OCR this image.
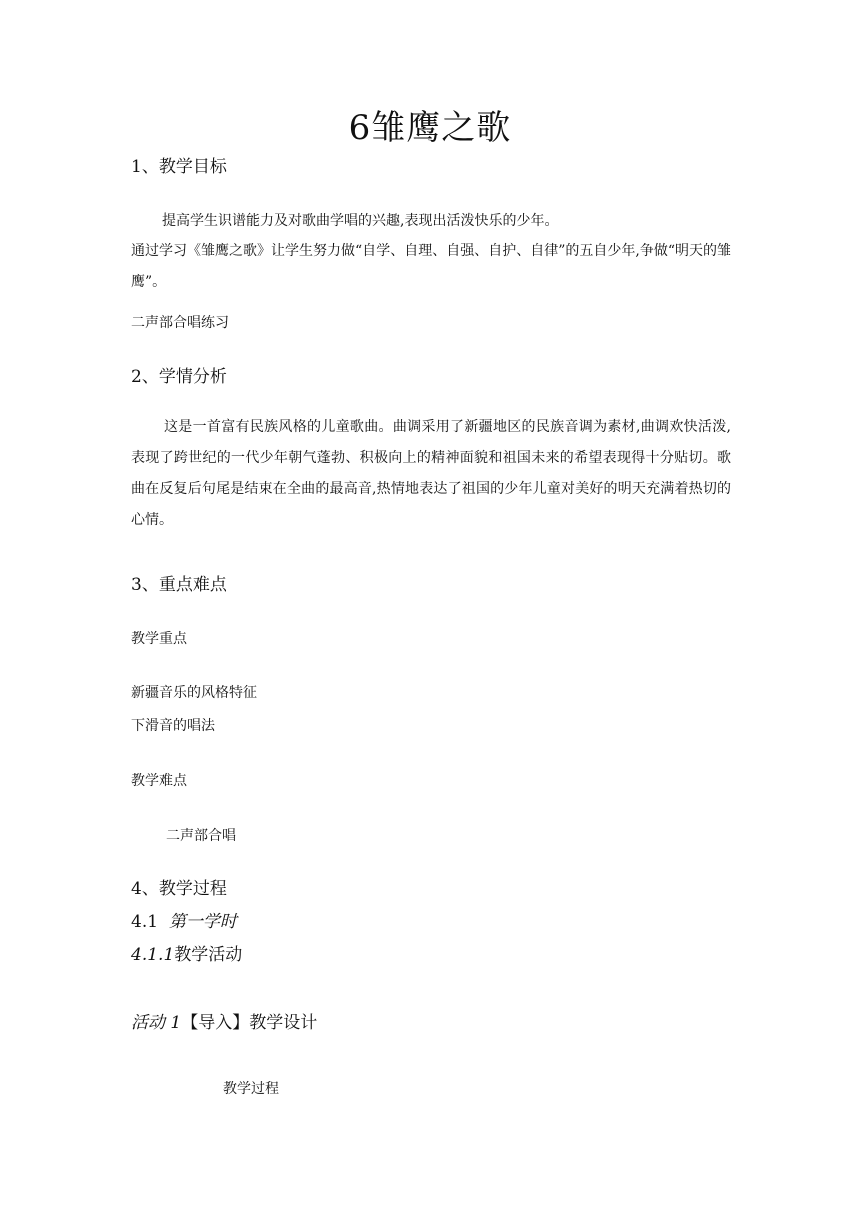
6雏鹰之歌
1、教学目标
提高学生识谱能力及对歌曲学唱的兴趣,表现出活泼快乐的少年。
通过学习《雏鹰之歌》让学生努力做“自学、自理、自强、自护、自律”的五自少年,争做“明天的雏鹰”。
二声部合唱练习
2、学情分析
这是一首富有民族风格的儿童歌曲。曲调采用了新疆地区的民族音调为素材,曲调欢快活泼,表现了跨世纪的一代少年朝气蓬勃、积极向上的精神面貌和祖国未来的希望表现得十分贴切。歌曲在反复后句尾是结束在全曲的最高音,热情地表达了祖国的少年儿童对美好的明天充满着热切的心情。
3、重点难点
教学重点
新疆音乐的风格特征
下滑音的唱法
教学难点
二声部合唱
4、教学过程
4.1 第一学时
4.1.1教学活动
活动 1【导入】教学设计
教学过程
